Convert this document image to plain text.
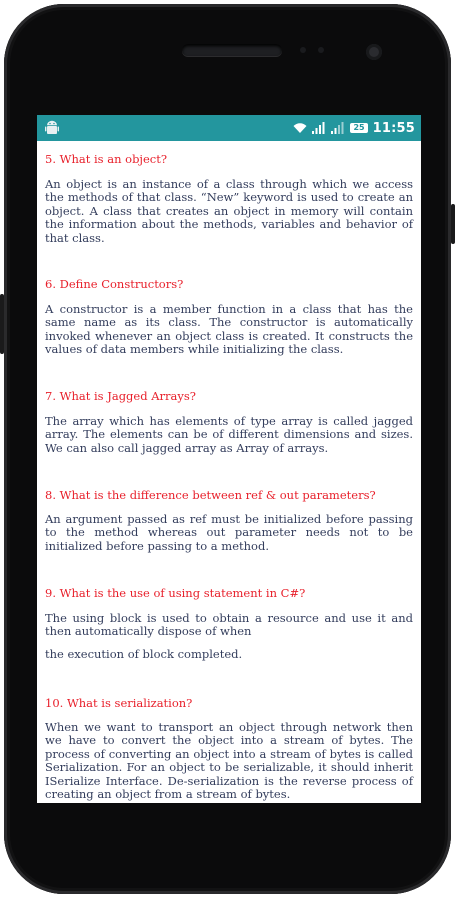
25 11:55
5. What is an object?

An object is an instance of a class through which we access the methods of that class. “New” keyword is used to create an object. A class that creates an object in memory will contain the information about the methods, variables and behavior of that class.

6. Define Constructors?

A constructor is a member function in a class that has the same name as its class. The constructor is automatically invoked whenever an object class is created. It constructs the values of data members while initializing the class.

7. What is Jagged Arrays?

The array which has elements of type array is called jagged array. The elements can be of different dimensions and sizes. We can also call jagged array as Array of arrays.

8. What is the difference between ref & out parameters?

An argument passed as ref must be initialized before passing to the method whereas out parameter needs not to be initialized before passing to a method.

9. What is the use of using statement in C#?

The using block is used to obtain a resource and use it and then automatically dispose of when

the execution of block completed.

10. What is serialization?

When we want to transport an object through network then we have to convert the object into a stream of bytes. The process of converting an object into a stream of bytes is called Serialization. For an object to be serializable, it should inherit ISerialize Interface. De-serialization is the reverse process of creating an object from a stream of bytes.
